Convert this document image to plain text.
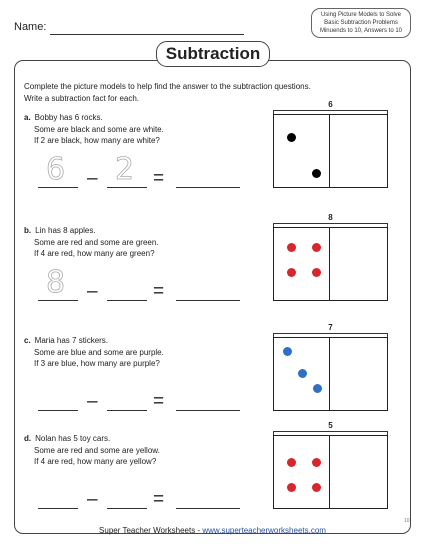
Name:
Using Picture Models to Solve
Basic Subtraction Problems
Minuends to 10, Answers to 10
Subtraction
Complete the picture models to help find the answer to the subtraction questions.
Write a subtraction fact for each.
a. Bobby has 6 rocks.
Some are black and some are white.
If 2 are black, how many are white?
6 2
–	=
6
b. Lin has 8 apples.
Some are red and some are green.
If 4 are red, how many are green?
8 –	=
8
c. Maria has 7 stickers.
Some are blue and some are purple.
If 3 are blue, how many are purple?
–	=
7
d. Nolan has 5 toy cars.
Some are red and some are yellow.
If 4 are red, how many are yellow?
–	=
5
Super Teacher Worksheets - www.superteacherworksheets.com
10
